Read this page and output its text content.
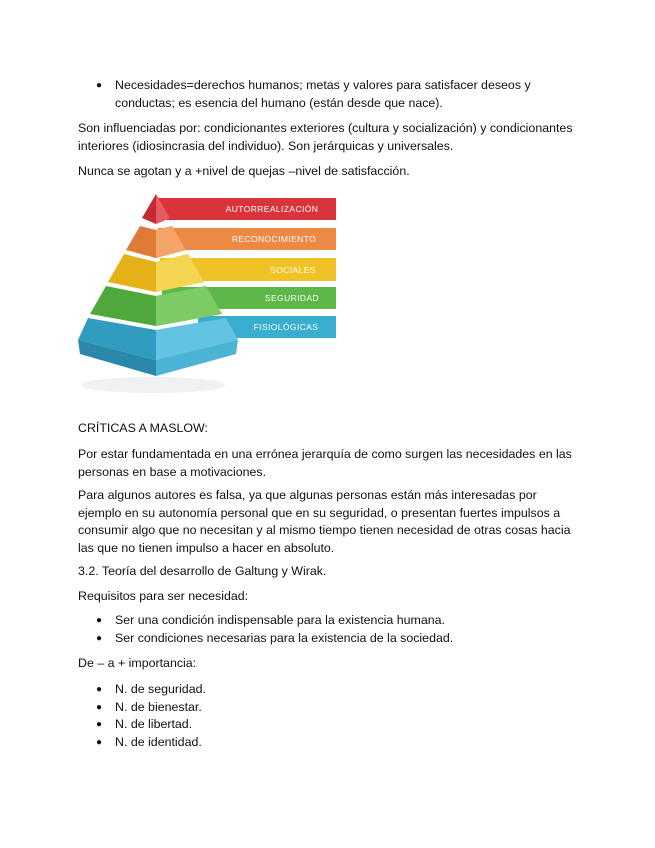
● Necesidades=derechos humanos; metas y valores para satisfacer deseos y conductas; es esencia del humano (están desde que nace).

Son influenciadas por: condicionantes exteriores (cultura y socialización) y condicionantes interiores (idiosincrasia del individuo). Son jerárquicas y universales.

Nunca se agotan y a +nivel de quejas –nivel de satisfacción.

AUTORREALIZACIÓN
RECONOCIMIENTO
SOCIALES
SEGURIDAD
FISIOLÓGICAS

CRÍTICAS A MASLOW:

Por estar fundamentada en una errónea jerarquía de como surgen las necesidades en las personas en base a motivaciones.

Para algunos autores es falsa, ya que algunas personas están más interesadas por ejemplo en su autonomía personal que en su seguridad, o presentan fuertes impulsos a consumir algo que no necesitan y al mismo tiempo tienen necesidad de otras cosas hacia las que no tienen impulso a hacer en absoluto.

3.2. Teoría del desarrollo de Galtung y Wirak.

Requisitos para ser necesidad:

● Ser una condición indispensable para la existencia humana.
● Ser condiciones necesarias para la existencia de la sociedad.

De – a + importancia:

● N. de seguridad.
● N. de bienestar.
● N. de libertad.
● N. de identidad.
